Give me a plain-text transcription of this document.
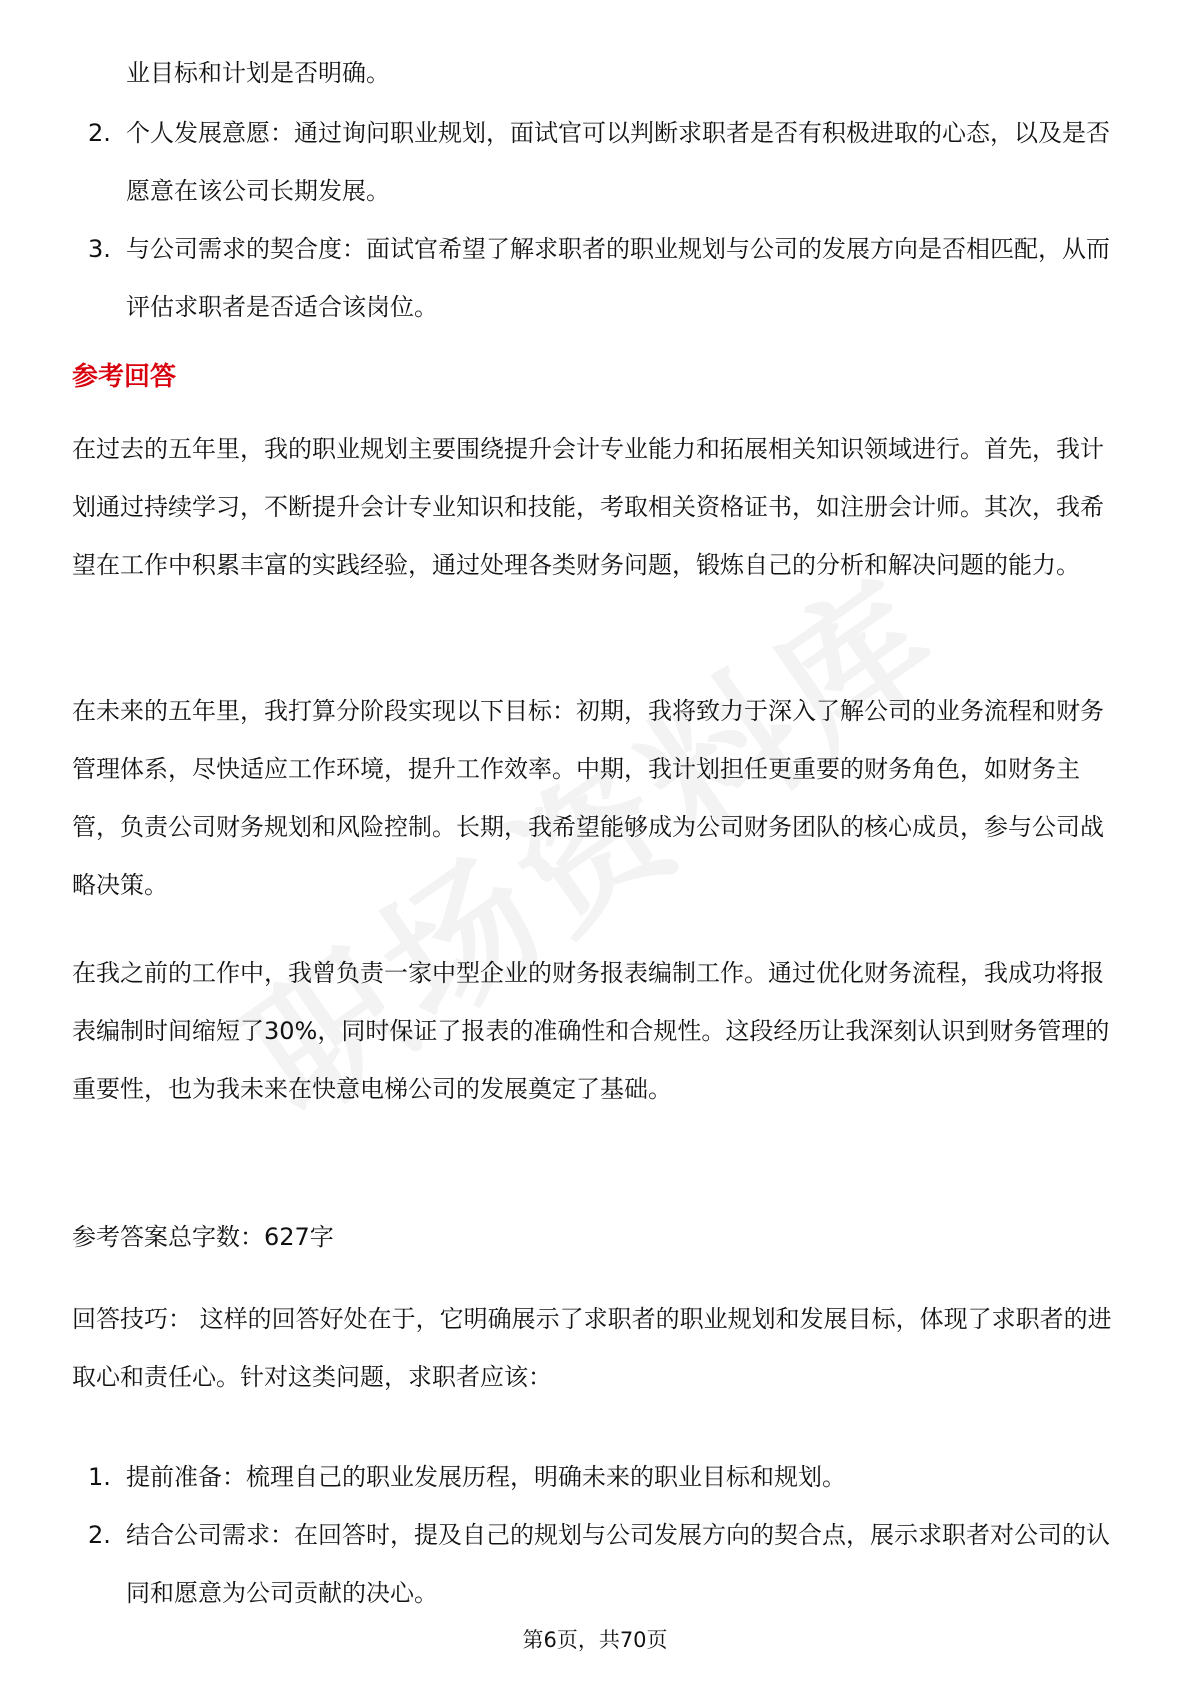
业目标和计划是否明确。

2. 个人发展意愿：通过询问职业规划，面试官可以判断求职者是否有积极进取的心态，以及是否愿意在该公司长期发展。
3. 与公司需求的契合度：面试官希望了解求职者的职业规划与公司的发展方向是否相匹配，从而评估求职者是否适合该岗位。
参考回答

在过去的五年里，我的职业规划主要围绕提升会计专业能力和拓展相关知识领域进行。首先，我计划通过持续学习，不断提升会计专业知识和技能，考取相关资格证书，如注册会计师。其次，我希望在工作中积累丰富的实践经验，通过处理各类财务问题，锻炼自己的分析和解决问题的能力。

在未来的五年里，我打算分阶段实现以下目标：初期，我将致力于深入了解公司的业务流程和财务管理体系，尽快适应工作环境，提升工作效率。中期，我计划担任更重要的财务角色，如财务主管，负责公司财务规划和风险控制。长期，我希望能够成为公司财务团队的核心成员，参与公司战略决策。

在我之前的工作中，我曾负责一家中型企业的财务报表编制工作。通过优化财务流程，我成功将报表编制时间缩短了30%，同时保证了报表的准确性和合规性。这段经历让我深刻认识到财务管理的重要性，也为我未来在快意电梯公司的发展奠定了基础。

参考答案总字数：627字

回答技巧： 这样的回答好处在于，它明确展示了求职者的职业规划和发展目标，体现了求职者的进取心和责任心。针对这类问题，求职者应该：

1. 提前准备：梳理自己的职业发展历程，明确未来的职业目标和规划。
2. 结合公司需求：在回答时，提及自己的规划与公司发展方向的契合点，展示求职者对公司的认同和愿意为公司贡献的决心。

第6页，共70页
